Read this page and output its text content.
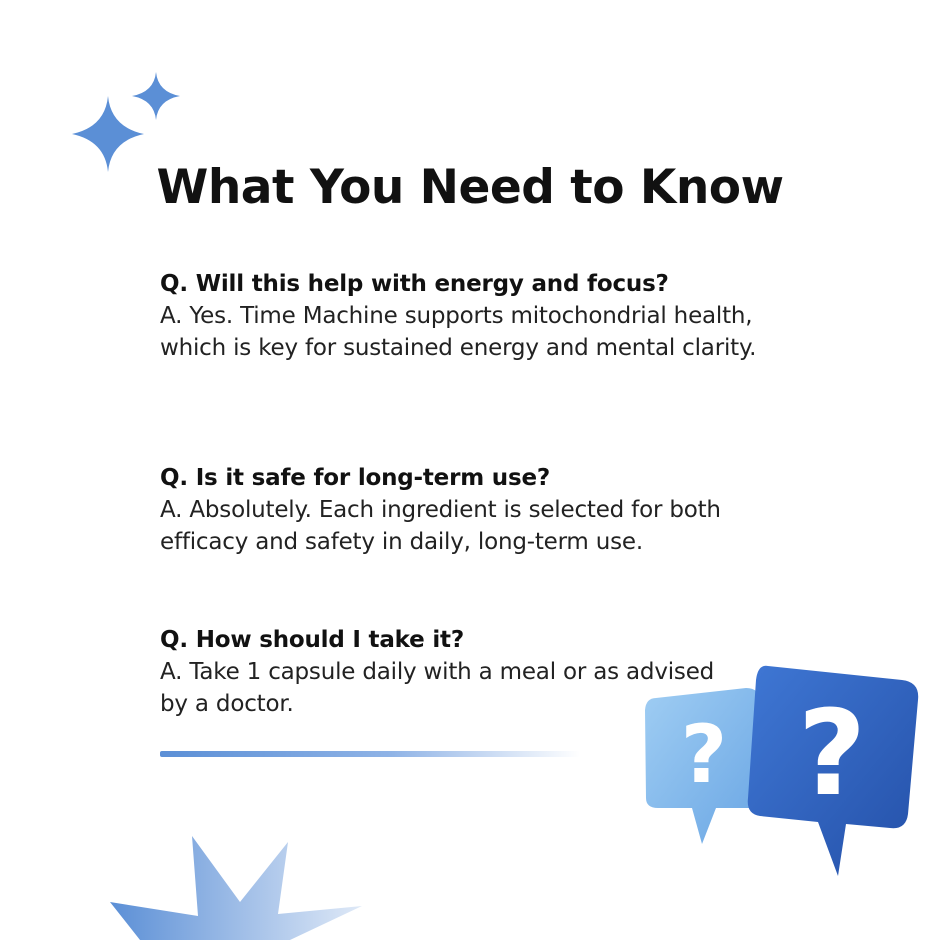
What You Need to Know

Q. Will this help with energy and focus?

A. Yes. Time Machine supports mitochondrial health, which is key for sustained energy and mental clarity.

Q. Is it safe for long-term use?

A. Absolutely. Each ingredient is selected for both efficacy and safety in daily, long-term use.

Q. How should I take it?

A. Take 1 capsule daily with a meal or as advised by a doctor.

? ?
